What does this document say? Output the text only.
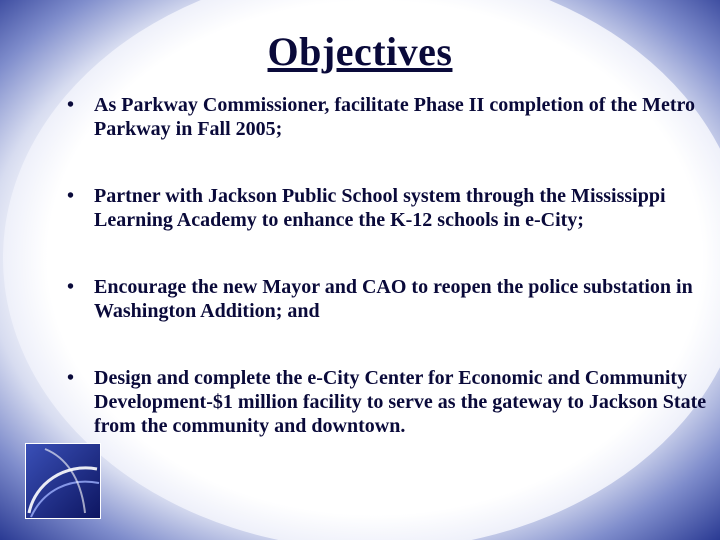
Objectives
• As Parkway Commissioner, facilitate Phase II completion of the Metro Parkway in Fall 2005;
• Partner with Jackson Public School system through the Mississippi Learning Academy to enhance the K-12 schools in e-City;
• Encourage the new Mayor and CAO to reopen the police substation in Washington Addition; and
• Design and complete the e-City Center for Economic and Community Development-$1 million facility to serve as the gateway to Jackson State from the community and downtown.
